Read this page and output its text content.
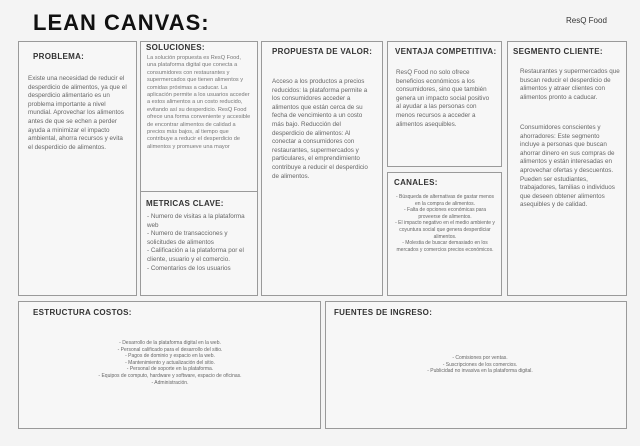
LEAN CANVAS:	ResQ Food
PROBLEMA:
Existe una necesidad de reducir el desperdicio de alimentos, ya que el desperdicio alimentario es un problema importante a nivel mundial. Aprovechar los alimentos antes de que se echen a perder ayuda a minimizar el impacto ambiental, ahorra recursos y evita el desperdicio de alimentos.
SOLUCIONES:
La solución propuesta es ResQ Food, una plataforma digital que conecta a consumidores con restaurantes y supermercados que tienen alimentos y comidas próximas a caducar. La aplicación permite a los usuarios acceder a estos alimentos a un costo reducido, evitando así su desperdicio. ResQ Food ofrece una forma conveniente y accesible de encontrar alimentos de calidad a precios más bajos, al tiempo que contribuye a reducir el desperdicio de alimentos y promueve una mayor
METRICAS CLAVE:
- Numero de visitas a la plataforma web
- Numero de transacciones y solicitudes de alimentos
- Calificación a la plataforma por el cliente, usuario y el comercio.
- Comentarios de los usuarios
PROPUESTA DE VALOR:
Acceso a los productos a precios reducidos: la plataforma permite a los consumidores acceder a alimentos que están cerca de su fecha de vencimiento a un costo más bajo. Reducción del desperdicio de alimentos: Al conectar a consumidores con restaurantes, supermercados y particulares, el emprendimiento contribuye a reducir el desperdicio de alimentos.
VENTAJA COMPETITIVA:
ResQ Food no solo ofrece beneficios económicos a los consumidores, sino que también genera un impacto social positivo al ayudar a las personas con menos recursos a acceder a alimentos asequibles.
CANALES:
- Búsqueda de alternativas de gastar menos en la compra de alimentos.
- Falta de opciones económicas para proveerse de alimentos.
- El impacto negativo en el medio ambiente y coyuntura social que genera desperdiciar alimentos.
- Molestia de buscar demasiado en los mercados y comercios precios económicos.
SEGMENTO CLIENTE:
Restaurantes y supermercados que buscan reducir el desperdicio de alimentos y atraer clientes con alimentos pronto a caducar.
Consumidores conscientes y ahorradores: Este segmento incluye a personas que buscan ahorrar dinero en sus compras de alimentos y están interesadas en aprovechar ofertas y descuentos. Pueden ser estudiantes, trabajadores, familias o individuos que deseen obtener alimentos asequibles y de calidad.
ESTRUCTURA COSTOS:
- Desarrollo de la plataforma digital en la web.
- Personal calificado para el desarrollo del sitio.
- Pagos de dominio y espacio en la web.
- Mantenimiento y actualización del sitio.
- Personal de soporte en la plataforma.
- Equipos de computo, hardware y software, espacio de oficinas.
- Administración.
FUENTES DE INGRESO:
- Comisiones por ventas.
- Suscripciones de los comercios.
- Publicidad no invasiva en la plataforma digital.
